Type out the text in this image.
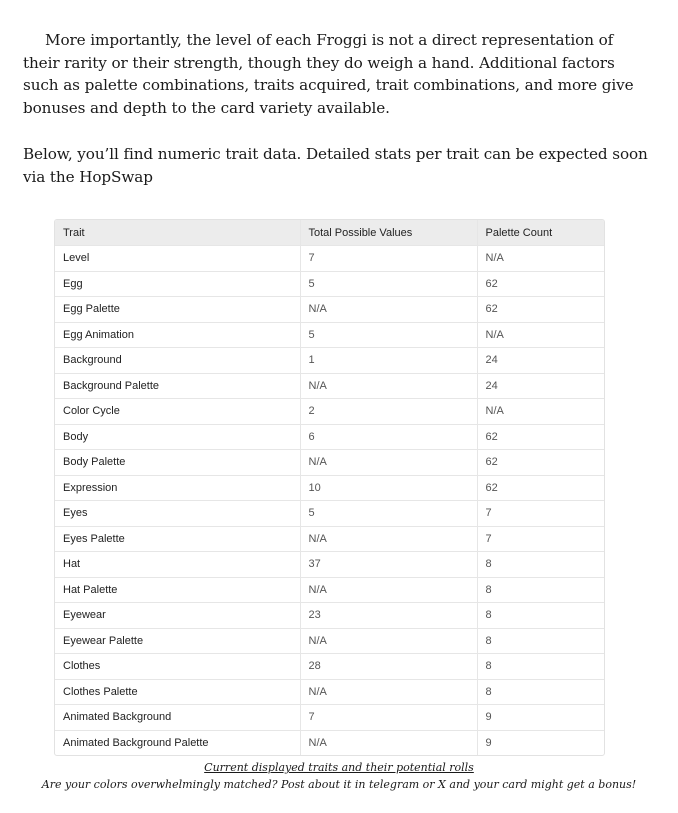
More importantly, the level of each Froggi is not a direct representation of their rarity or their strength, though they do weigh a hand. Additional factors such as palette combinations, traits acquired, trait combinations, and more give bonuses and depth to the card variety available.

Below, you’ll find numeric trait data. Detailed stats per trait can be expected soon via the HopSwap

Trait	Total Possible Values	Palette Count
Level	7	N/A
Egg	5	62
Egg Palette	N/A	62
Egg Animation	5	N/A
Background	1	24
Background Palette	N/A	24
Color Cycle	2	N/A
Body	6	62
Body Palette	N/A	62
Expression	10	62
Eyes	5	7
Eyes Palette	N/A	7
Hat	37	8
Hat Palette	N/A	8
Eyewear	23	8
Eyewear Palette	N/A	8
Clothes	28	8
Clothes Palette	N/A	8
Animated Background	7	9
Animated Background Palette	N/A	9

Current displayed traits and their potential rolls

Are your colors overwhelmingly matched? Post about it in telegram or X and your card might get a bonus!
